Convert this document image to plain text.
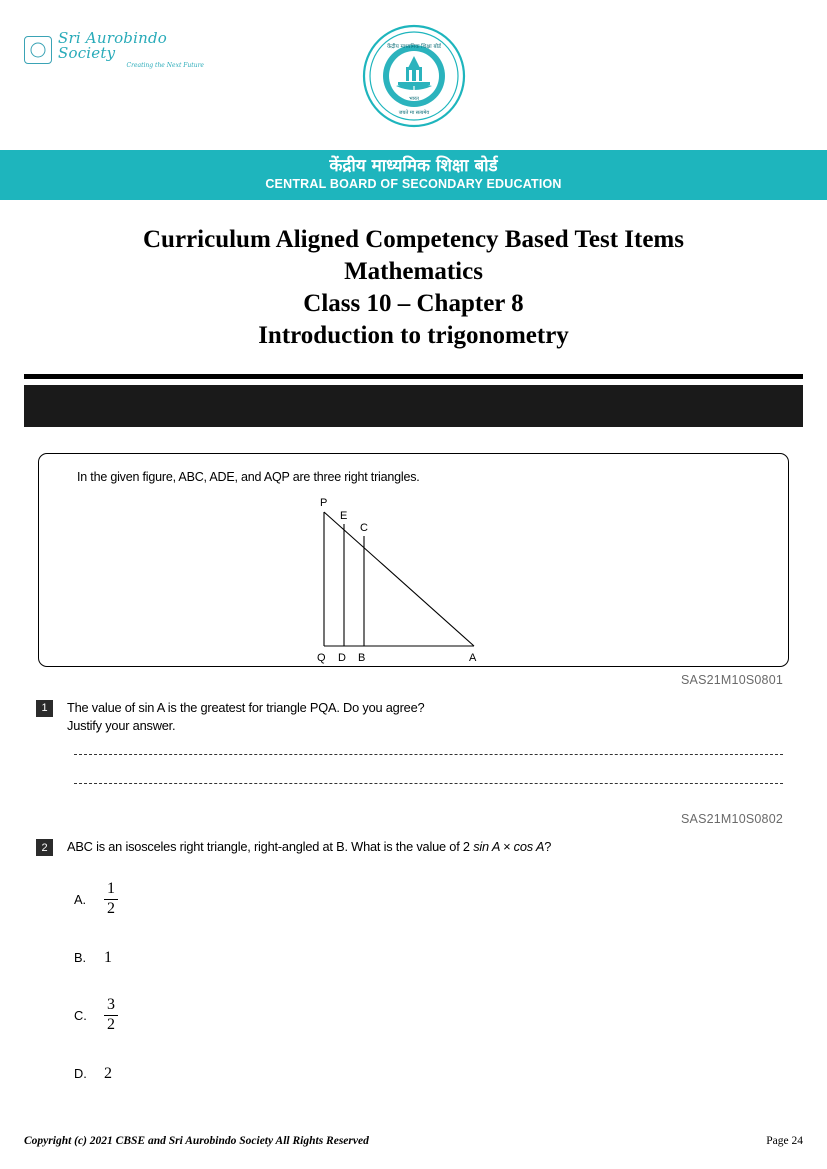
Sri Aurobindo Society
Creating the Next Future
केंद्रीय माध्यमिक शिक्षा बोर्ड
भारत
जयते मा सत्यमेव
केंद्रीय माध्यमिक शिक्षा बोर्ड
CENTRAL BOARD OF SECONDARY EDUCATION
Curriculum Aligned Competency Based Test Items
Mathematics
Class 10 – Chapter 8
Introduction to trigonometry
In the given figure, ABC, ADE, and AQP are three right triangles.
P
E
C
Q D B	A
SAS21M10S0801
1	The value of sin A is the greatest for triangle PQA. Do you agree?
Justify your answer.
SAS21M10S0802
2	ABC is an isosceles right triangle, right-angled at B. What is the value of 2 sin A × cos A?
A.	$\frac{1}{2}$
B.	1
C.	$\frac{3}{2}$
D.	2
Copyright (c) 2021 CBSE and Sri Aurobindo Society All Rights Reserved	Page 24
